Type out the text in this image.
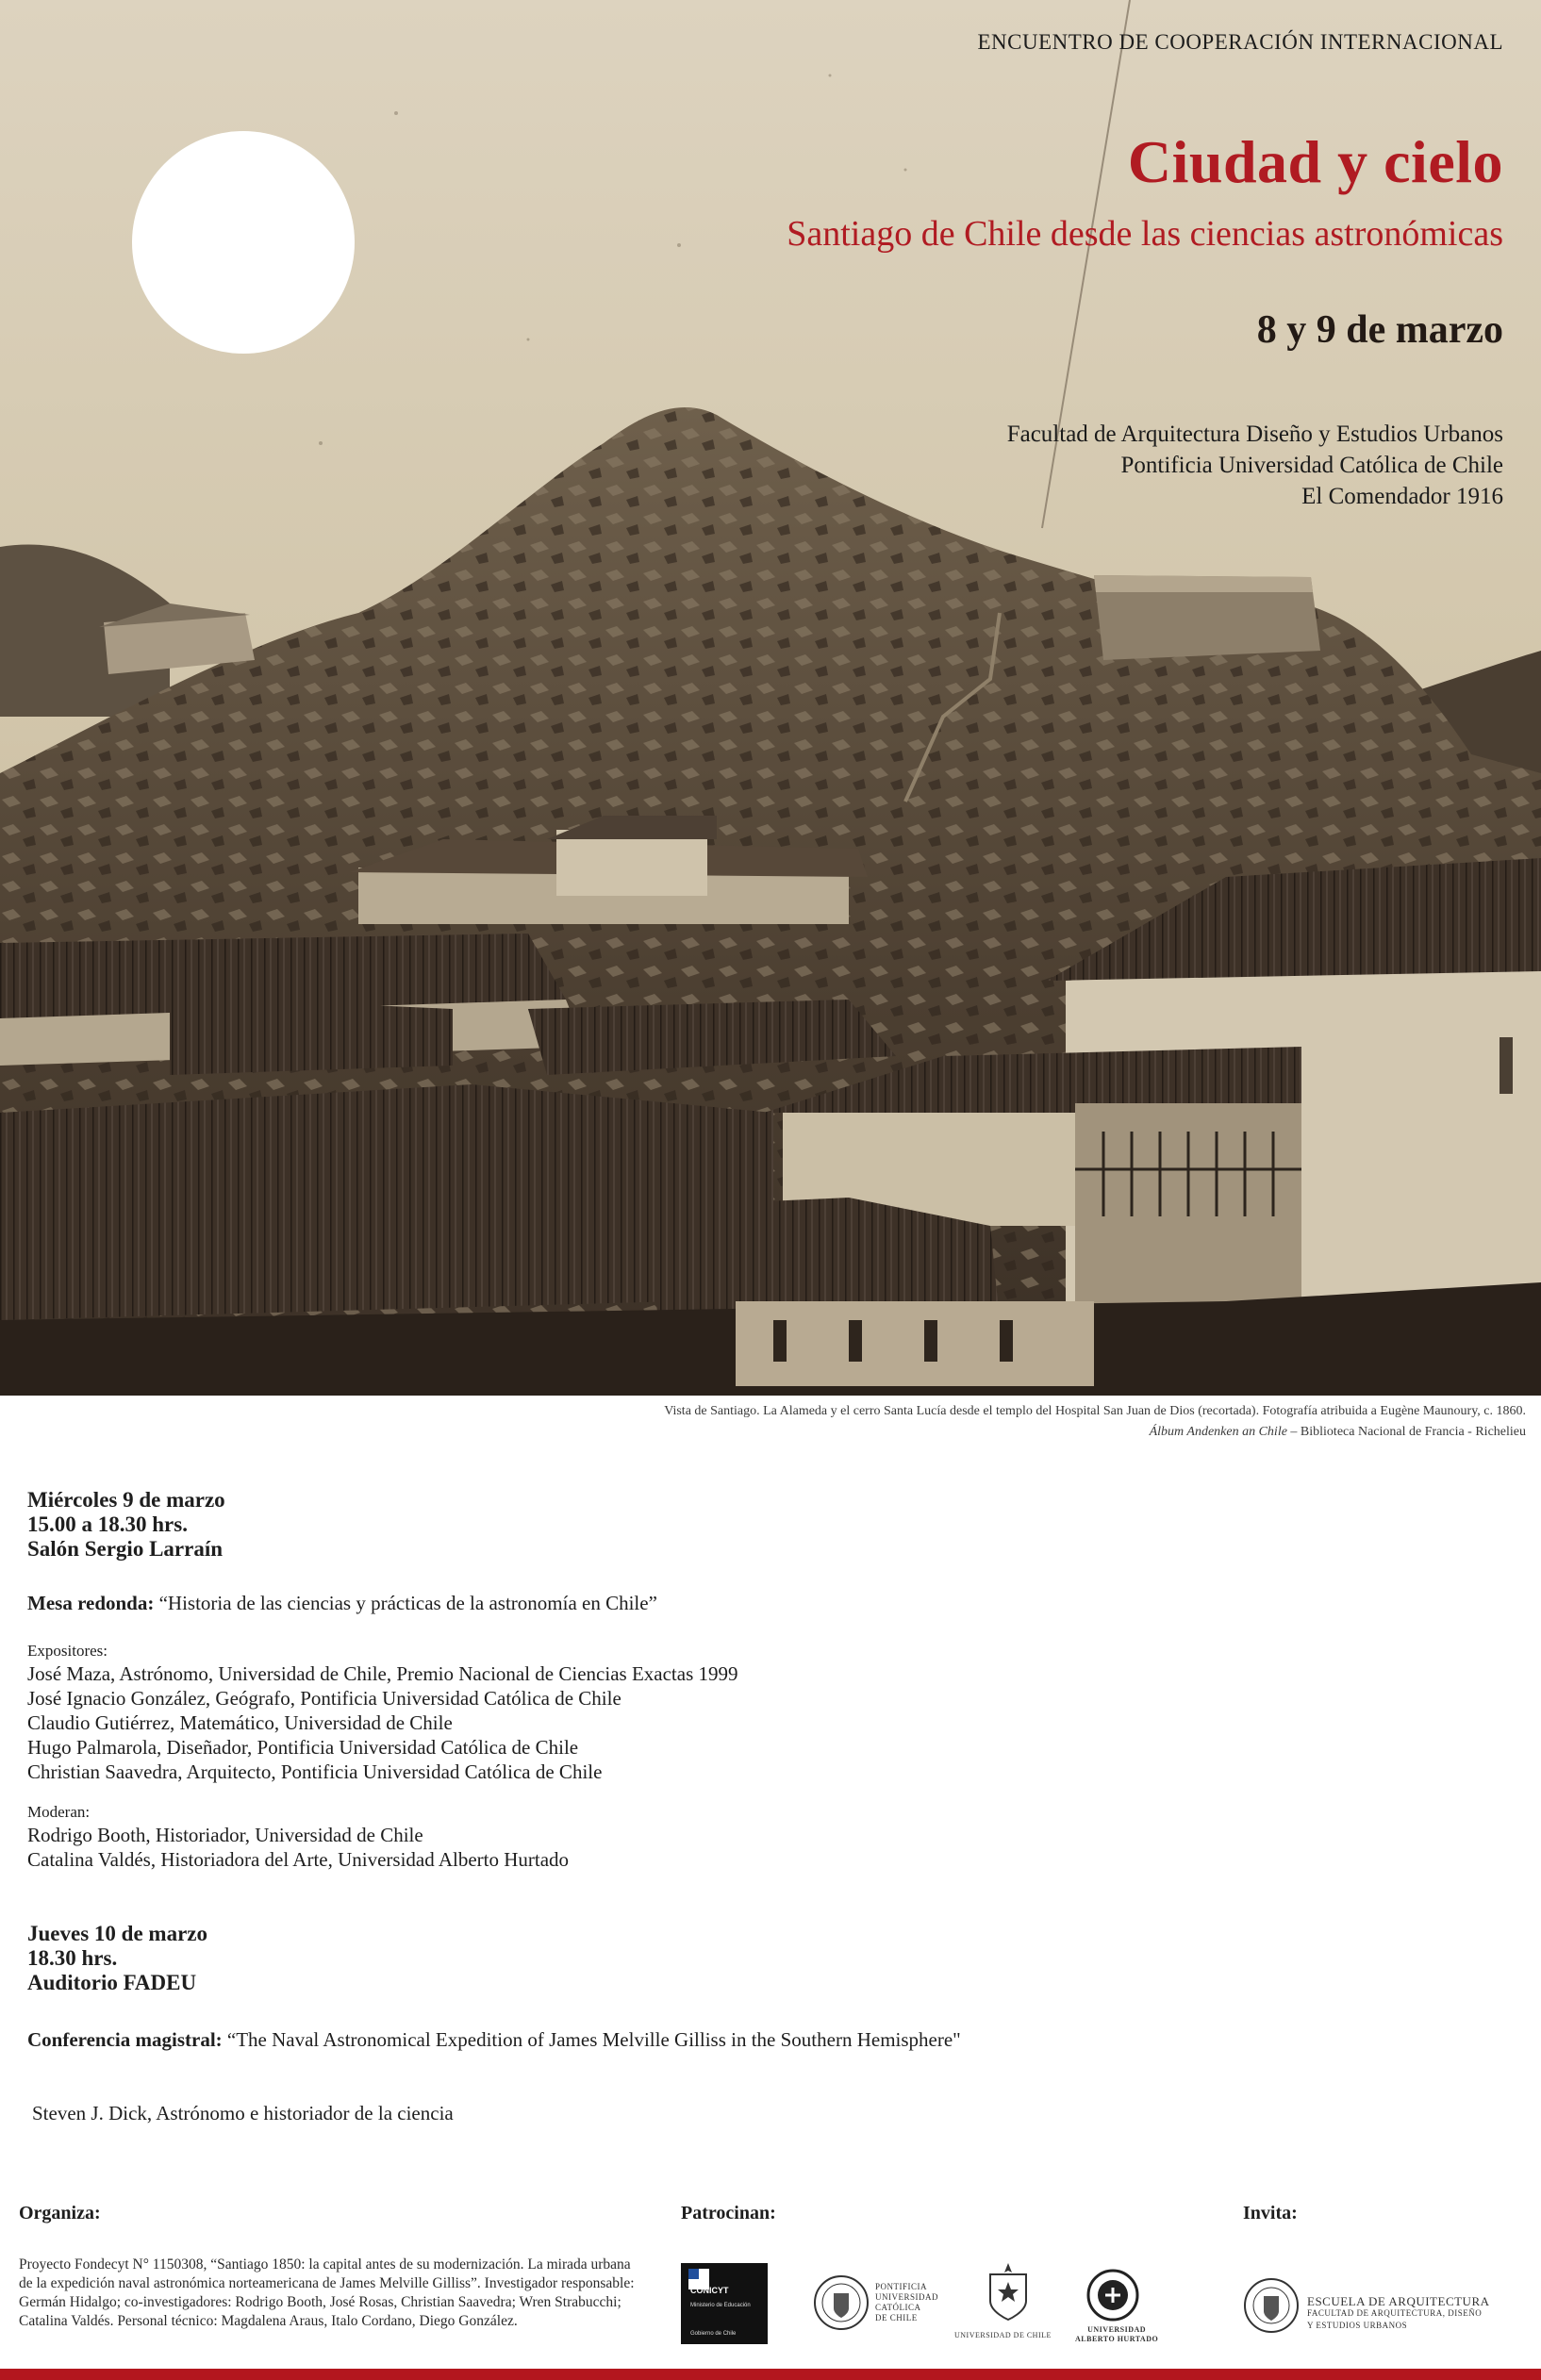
ENCUENTRO DE COOPERACIÓN INTERNACIONAL
Ciudad y cielo
Santiago de Chile desde las ciencias astronómicas
8 y 9 de marzo
Facultad de Arquitectura Diseño y Estudios Urbanos
Pontificia Universidad Católica de Chile
El Comendador 1916
Vista de Santiago. La Alameda y el cerro Santa Lucía desde el templo del Hospital San Juan de Dios (recortada). Fotografía atribuida a Eugène Maunoury, c. 1860.
Álbum Andenken an Chile – Biblioteca Nacional de Francia - Richelieu
Miércoles 9 de marzo
15.00 a 18.30 hrs.
Salón Sergio Larraín
Mesa redonda: “Historia de las ciencias y prácticas de la astronomía en Chile”
Expositores:
José Maza, Astrónomo, Universidad de Chile, Premio Nacional de Ciencias Exactas 1999
José Ignacio González, Geógrafo, Pontificia Universidad Católica de Chile
Claudio Gutiérrez, Matemático, Universidad de Chile
Hugo Palmarola, Diseñador, Pontificia Universidad Católica de Chile
Christian Saavedra, Arquitecto, Pontificia Universidad Católica de Chile
Moderan:
Rodrigo Booth, Historiador, Universidad de Chile
Catalina Valdés, Historiadora del Arte, Universidad Alberto Hurtado
Jueves 10 de marzo
18.30 hrs.
Auditorio FADEU
Conferencia magistral: “The Naval Astronomical Expedition of James Melville Gilliss in the Southern Hemisphere"
Steven J. Dick, Astrónomo e historiador de la ciencia
Organiza:	Patrocinan:	Invita:
Proyecto Fondecyt N° 1150308, “Santiago 1850: la capital antes de su modernización. La mirada urbana de la expedición naval astronómica norteamericana de James Melville Gilliss”. Investigador responsable: Germán Hidalgo; co-investigadores: Rodrigo Booth, José Rosas, Christian Saavedra; Wren Strabucchi; Catalina Valdés. Personal técnico: Magdalena Araus, Italo Cordano, Diego González.
CONICYT
Ministerio de Educación
Gobierno de Chile
PONTIFICIA
UNIVERSIDAD
CATÓLICA
DE CHILE
UNIVERSIDAD DE CHILE
UNIVERSIDAD
ALBERTO HURTADO
ESCUELA DE ARQUITECTURA
FACULTAD DE ARQUITECTURA, DISEÑO
Y ESTUDIOS URBANOS
